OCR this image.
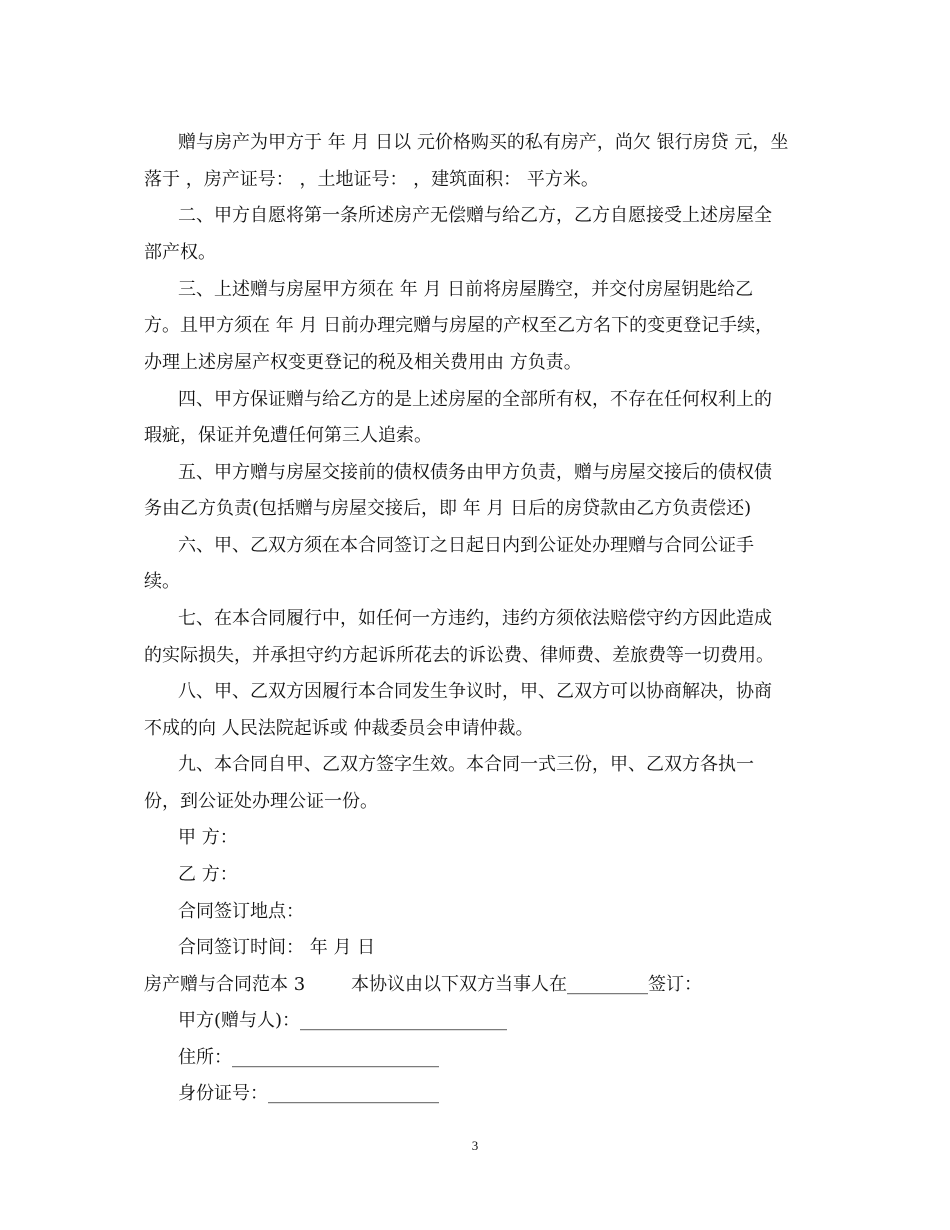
赠与房产为甲方于 年 月 日以 元价格购买的私有房产，尚欠 银行房贷 元，坐
落于 ，房产证号： ，土地证号： ，建筑面积： 平方米。
二、甲方自愿将第一条所述房产无偿赠与给乙方，乙方自愿接受上述房屋全
部产权。
三、上述赠与房屋甲方须在 年 月 日前将房屋腾空，并交付房屋钥匙给乙
方。且甲方须在 年 月 日前办理完赠与房屋的产权至乙方名下的变更登记手续，
办理上述房屋产权变更登记的税及相关费用由 方负责。
四、甲方保证赠与给乙方的是上述房屋的全部所有权，不存在任何权利上的
瑕疵，保证并免遭任何第三人追索。
五、甲方赠与房屋交接前的债权债务由甲方负责，赠与房屋交接后的债权债
务由乙方负责(包括赠与房屋交接后，即 年 月 日后的房贷款由乙方负责偿还)
六、甲、乙双方须在本合同签订之日起日内到公证处办理赠与合同公证手
续。
七、在本合同履行中，如任何一方违约，违约方须依法赔偿守约方因此造成
的实际损失，并承担守约方起诉所花去的诉讼费、律师费、差旅费等一切费用。
八、甲、乙双方因履行本合同发生争议时，甲、乙双方可以协商解决，协商
不成的向 人民法院起诉或 仲裁委员会申请仲裁。
九、本合同自甲、乙双方签字生效。本合同一式三份，甲、乙双方各执一
份，到公证处办理公证一份。
甲 方：
乙 方：
合同签订地点：
合同签订时间： 年 月 日
房产赠与合同范本 3        本协议由以下双方当事人在_________签订：
甲方(赠与人)：_______________________
住所：_______________________
身份证号：___________________
3
